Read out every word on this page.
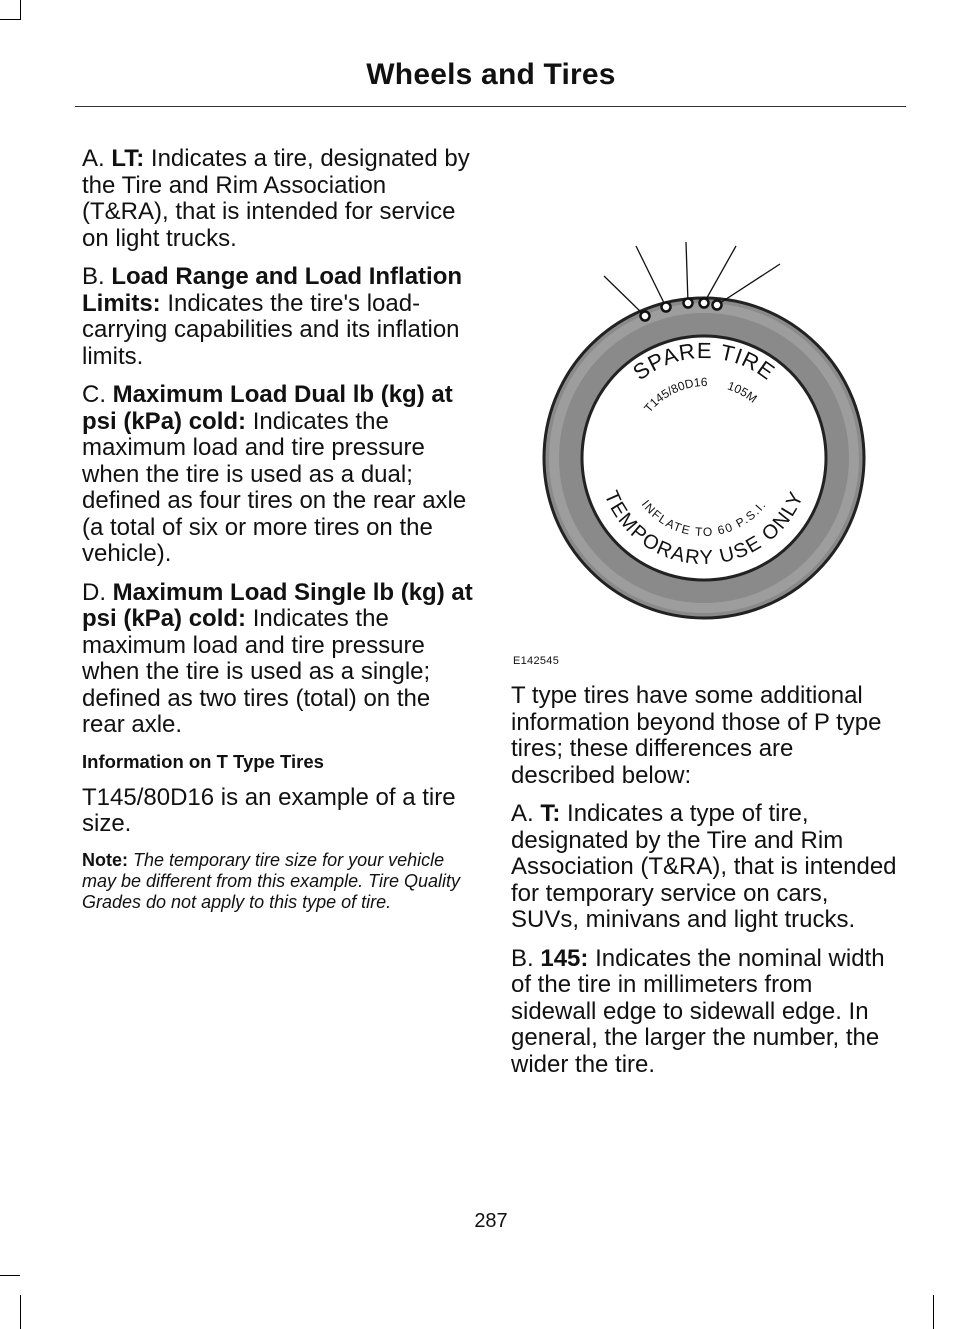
Wheels and Tires

A. LT: Indicates a tire, designated by the Tire and Rim Association (T&RA), that is intended for service on light trucks.

B. Load Range and Load Inflation Limits: Indicates the tire's load-carrying capabilities and its inflation limits.

C. Maximum Load Dual lb (kg) at psi (kPa) cold: Indicates the maximum load and tire pressure when the tire is used as a dual; defined as four tires on the rear axle (a total of six or more tires on the vehicle).

D. Maximum Load Single lb (kg) at psi (kPa) cold: Indicates the maximum load and tire pressure when the tire is used as a single; defined as two tires (total) on the rear axle.

Information on T Type Tires

T145/80D16 is an example of a tire size.

Note: The temporary tire size for your vehicle may be different from this example. Tire Quality Grades do not apply to this type of tire.

SPARE TIRE
T145/80D16 105M
INFLATE TO 60 P.S.I.
TEMPORARY USE ONLY
E142545

T type tires have some additional information beyond those of P type tires; these differences are described below:

A. T: Indicates a type of tire, designated by the Tire and Rim Association (T&RA), that is intended for temporary service on cars, SUVs, minivans and light trucks.

B. 145: Indicates the nominal width of the tire in millimeters from sidewall edge to sidewall edge. In general, the larger the number, the wider the tire.

287
